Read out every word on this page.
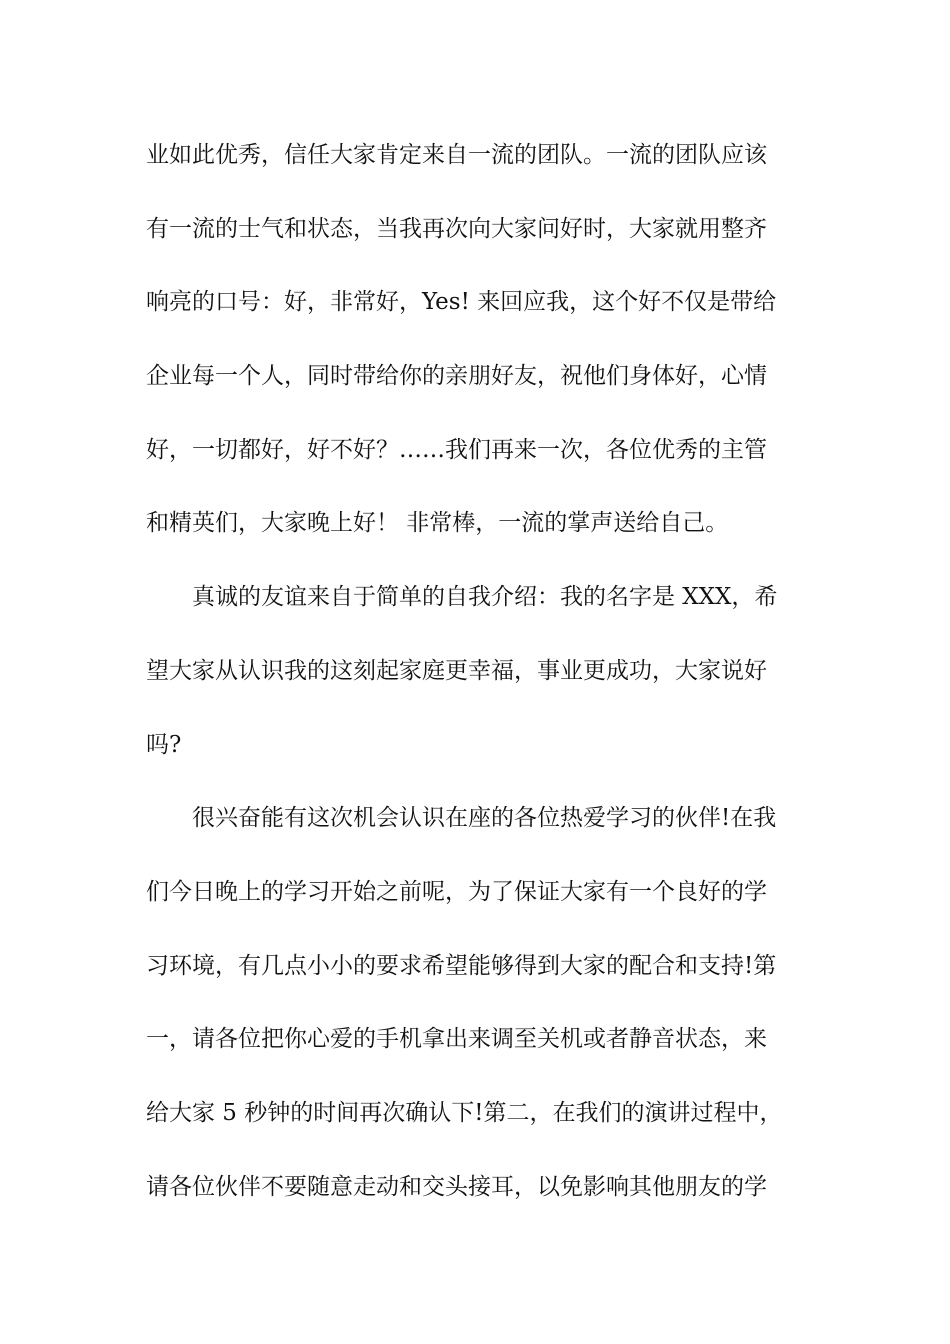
业如此优秀，信任大家肯定来自一流的团队。一流的团队应该
有一流的士气和状态，当我再次向大家问好时，大家就用整齐
响亮的口号：好，非常好，Yes! 来回应我，这个好不仅是带给
企业每一个人，同时带给你的亲朋好友，祝他们身体好，心情
好，一切都好，好不好？……我们再来一次，各位优秀的主管
和精英们，大家晚上好！ 非常棒，一流的掌声送给自己。
真诚的友谊来自于简单的自我介绍：我的名字是 XXX，希
望大家从认识我的这刻起家庭更幸福，事业更成功，大家说好
吗?
很兴奋能有这次机会认识在座的各位热爱学习的伙伴!在我
们今日晚上的学习开始之前呢，为了保证大家有一个良好的学
习环境，有几点小小的要求希望能够得到大家的配合和支持!第
一，请各位把你心爱的手机拿出来调至关机或者静音状态，来
给大家 5 秒钟的时间再次确认下!第二，在我们的演讲过程中，
请各位伙伴不要随意走动和交头接耳，以免影响其他朋友的学
